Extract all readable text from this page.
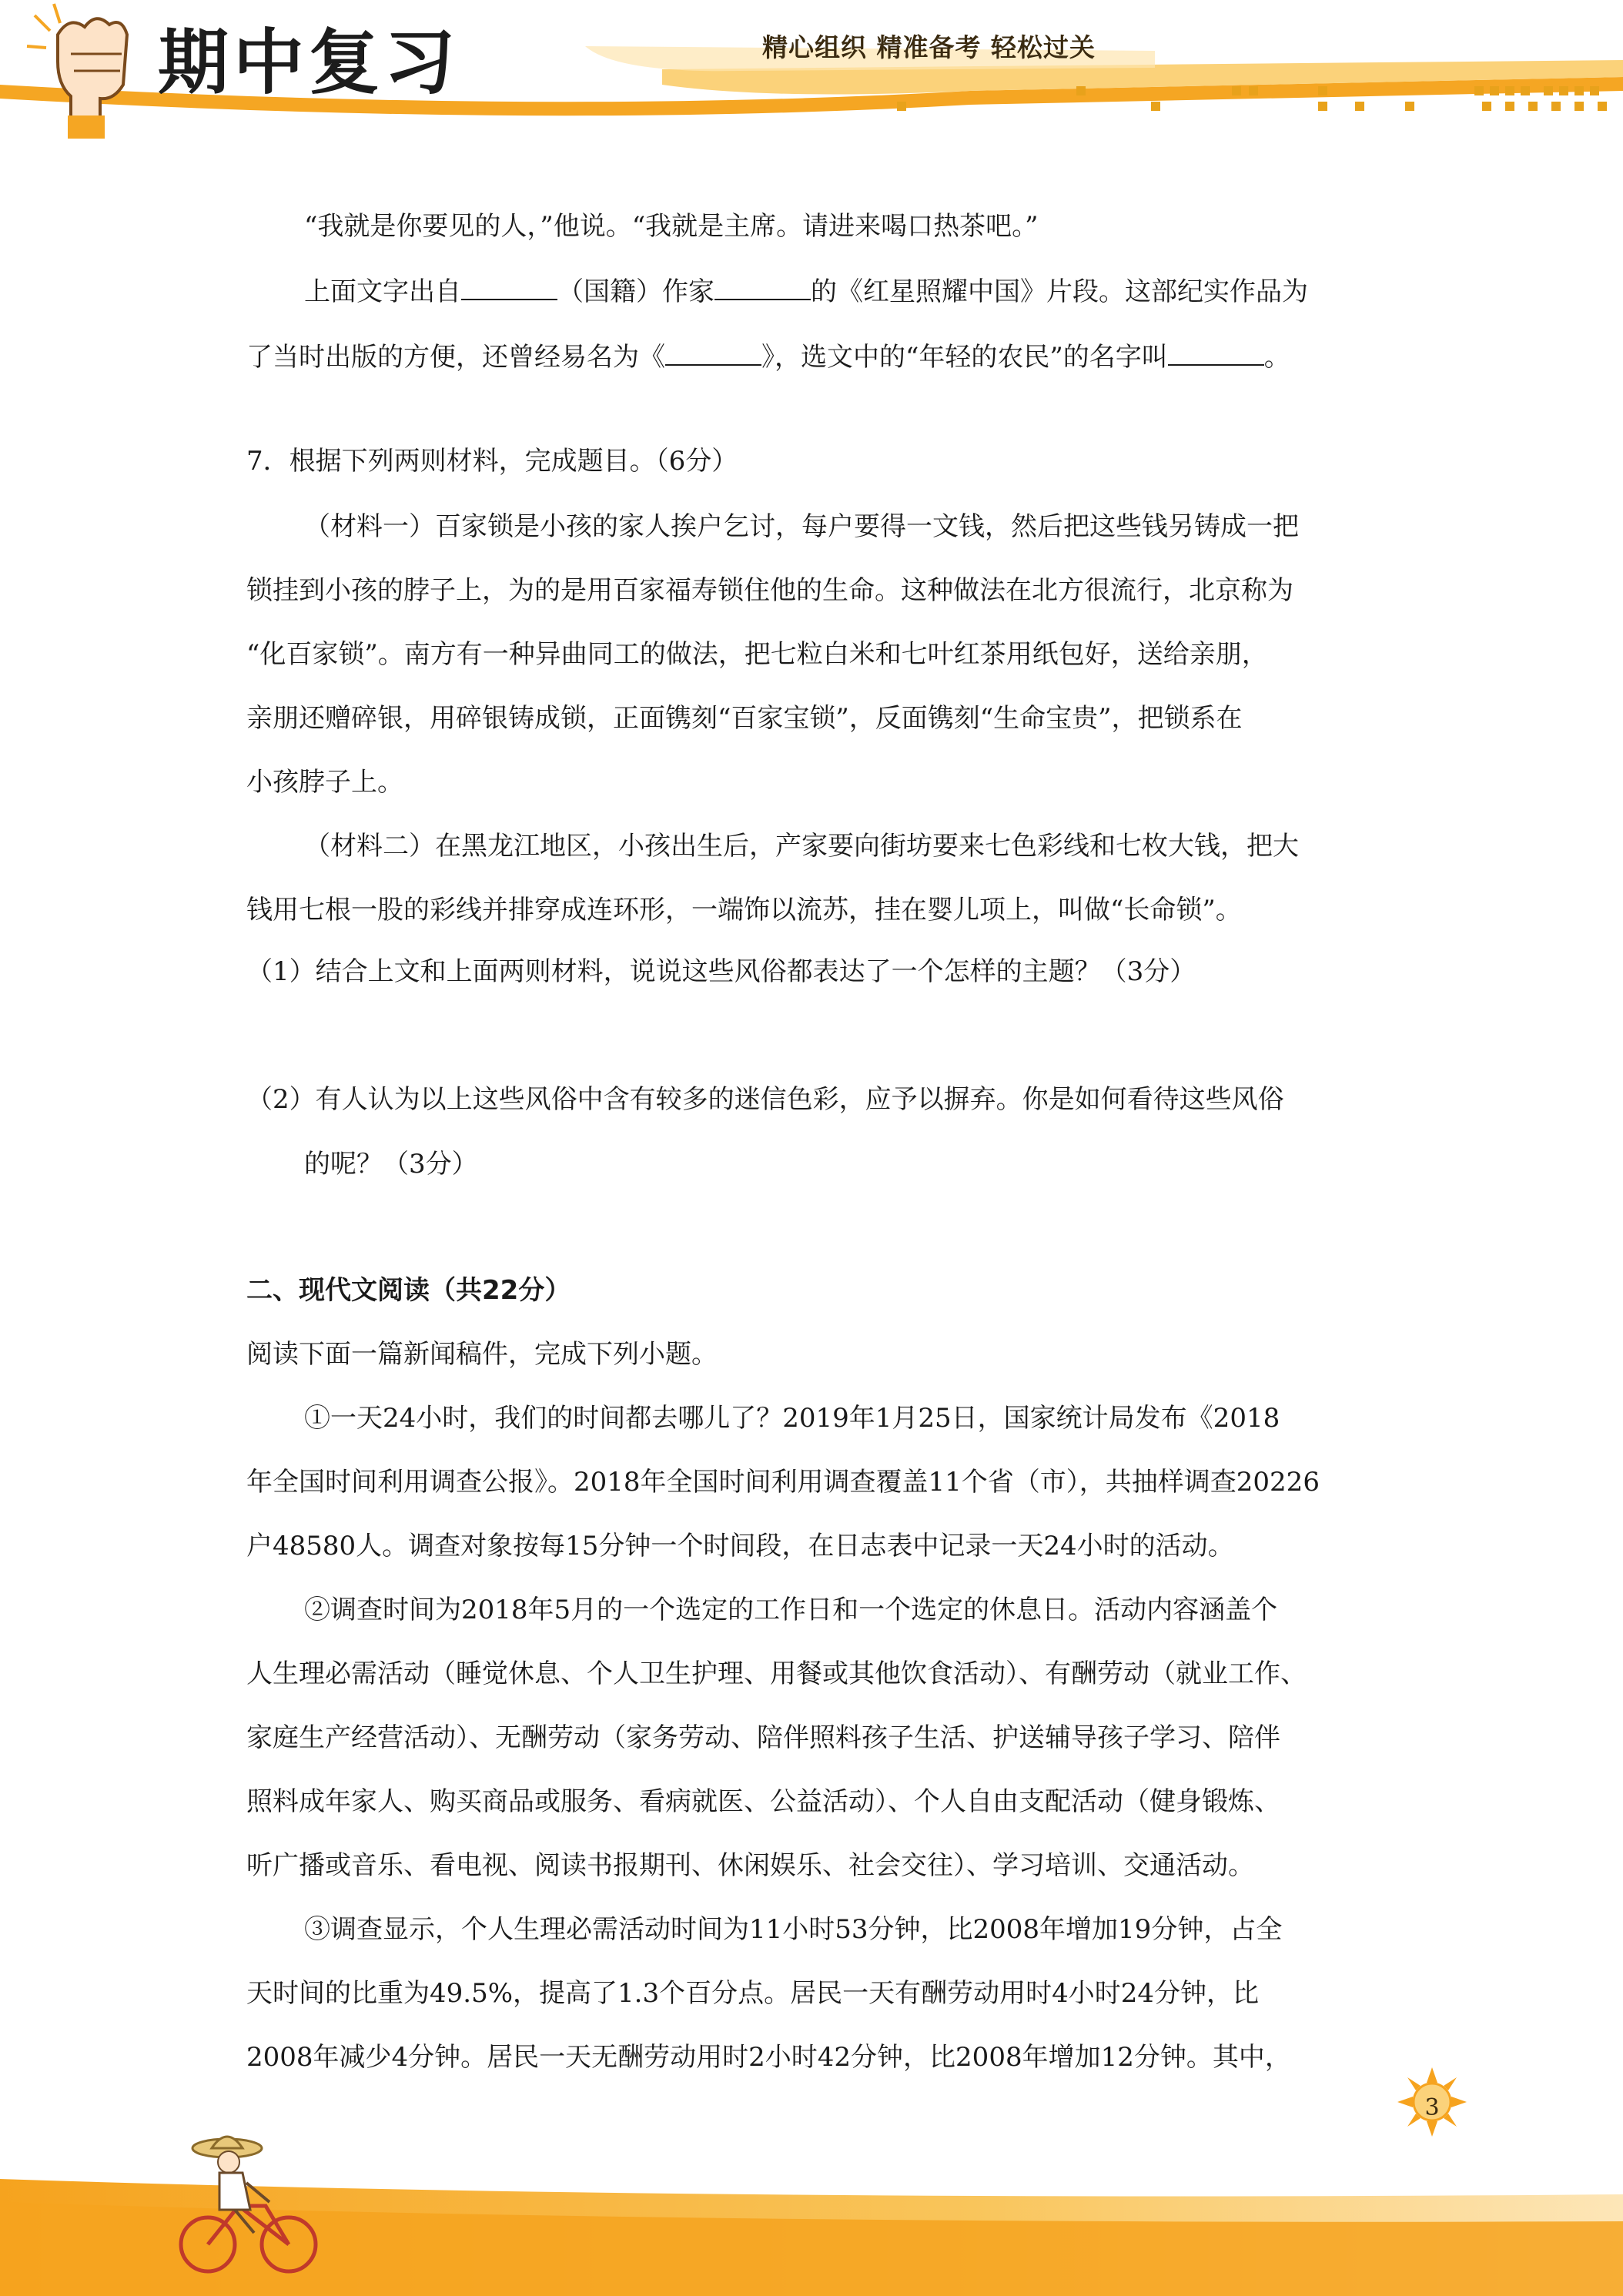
期中复习	精心组织 精准备考 轻松过关
“我就是你要见的人，”他说。“我就是主席。请进来喝口热茶吧。”
上面文字出自	（国籍）作家	的《红星照耀中国》片段。这部纪实作品为
了当时出版的方便，还曾经易名为《	》，选文中的“年轻的农民”的名字叫	。
7．根据下列两则材料，完成题目。（6分）
（材料一）百家锁是小孩的家人挨户乞讨，每户要得一文钱，然后把这些钱另铸成一把
锁挂到小孩的脖子上，为的是用百家福寿锁住他的生命。这种做法在北方很流行，北京称为
“化百家锁”。南方有一种异曲同工的做法，把七粒白米和七叶红茶用纸包好，送给亲朋，
亲朋还赠碎银，用碎银铸成锁，正面镌刻“百家宝锁”，反面镌刻“生命宝贵”，把锁系在
小孩脖子上。
（材料二）在黑龙江地区，小孩出生后，产家要向街坊要来七色彩线和七枚大钱，把大
钱用七根一股的彩线并排穿成连环形，一端饰以流苏，挂在婴儿项上，叫做“长命锁”。
（1）结合上文和上面两则材料，说说这些风俗都表达了一个怎样的主题？（3分）
（2）有人认为以上这些风俗中含有较多的迷信色彩，应予以摒弃。你是如何看待这些风俗
的呢？（3分）
二、现代文阅读（共22分）
阅读下面一篇新闻稿件，完成下列小题。
①一天24小时，我们的时间都去哪儿了？2019年1月25日，国家统计局发布《2018
年全国时间利用调查公报》。2018年全国时间利用调查覆盖11个省（市），共抽样调查20226
户48580人。调查对象按每15分钟一个时间段，在日志表中记录一天24小时的活动。
②调查时间为2018年5月的一个选定的工作日和一个选定的休息日。活动内容涵盖个
人生理必需活动（睡觉休息、个人卫生护理、用餐或其他饮食活动）、有酬劳动（就业工作、
家庭生产经营活动）、无酬劳动（家务劳动、陪伴照料孩子生活、护送辅导孩子学习、陪伴
照料成年家人、购买商品或服务、看病就医、公益活动）、个人自由支配活动（健身锻炼、
听广播或音乐、看电视、阅读书报期刊、休闲娱乐、社会交往）、学习培训、交通活动。
③调查显示，个人生理必需活动时间为11小时53分钟，比2008年增加19分钟，占全
天时间的比重为49.5%，提高了1.3个百分点。居民一天有酬劳动用时4小时24分钟，比
2008年减少4分钟。居民一天无酬劳动用时2小时42分钟，比2008年增加12分钟。其中，
3
